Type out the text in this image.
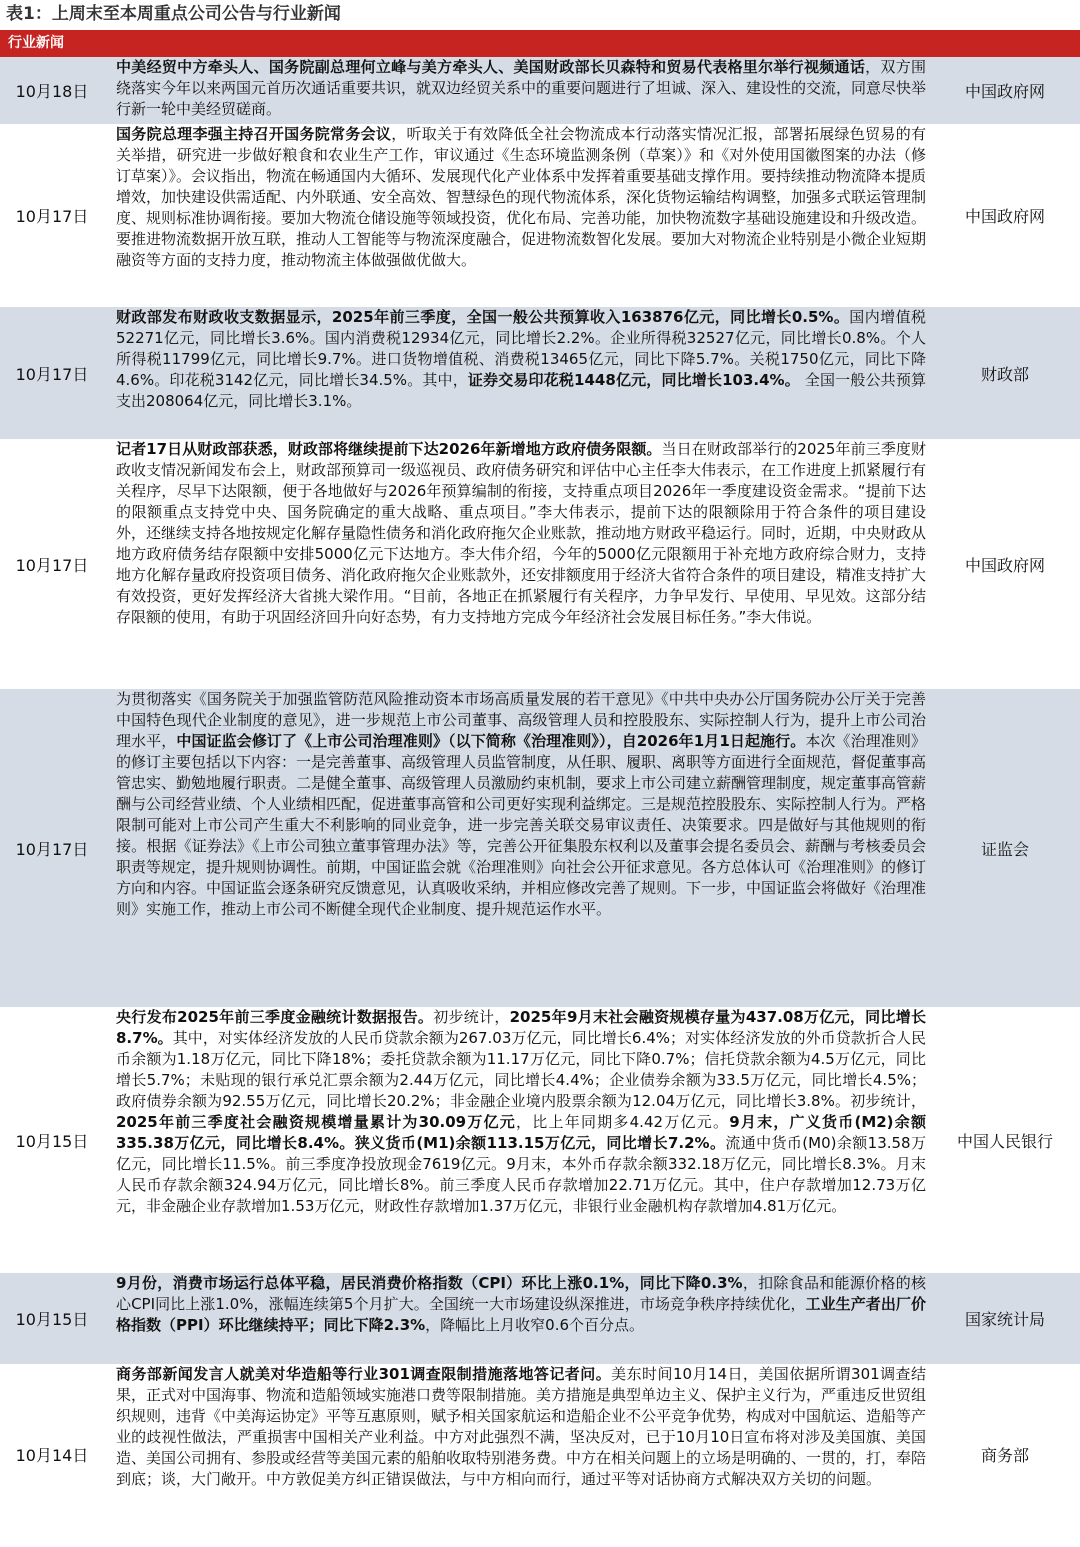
表1：上周末至本周重点公司公告与行业新闻
行业新闻
10月18日
中美经贸中方牵头人、国务院副总理何立峰与美方牵头人、美国财政部长贝森特和贸易代表格里尔举行视频通话，双方围绕落实今年以来两国元首历次通话重要共识，就双边经贸关系中的重要问题进行了坦诚、深入、建设性的交流，同意尽快举行新一轮中美经贸磋商。
中国政府网
10月17日
国务院总理李强主持召开国务院常务会议，听取关于有效降低全社会物流成本行动落实情况汇报，部署拓展绿色贸易的有关举措，研究进一步做好粮食和农业生产工作，审议通过《生态环境监测条例（草案）》和《对外使用国徽图案的办法（修订草案）》。会议指出，物流在畅通国内大循环、发展现代化产业体系中发挥着重要基础支撑作用。要持续推动物流降本提质增效，加快建设供需适配、内外联通、安全高效、智慧绿色的现代物流体系，深化货物运输结构调整，加强多式联运管理制度、规则标准协调衔接。要加大物流仓储设施等领域投资，优化布局、完善功能，加快物流数字基础设施建设和升级改造。要推进物流数据开放互联，推动人工智能等与物流深度融合，促进物流数智化发展。要加大对物流企业特别是小微企业短期融资等方面的支持力度，推动物流主体做强做优做大。
中国政府网
10月17日
财政部发布财政收支数据显示，2025年前三季度，全国一般公共预算收入163876亿元，同比增长0.5%。国内增值税52271亿元，同比增长3.6%。国内消费税12934亿元，同比增长2.2%。企业所得税32527亿元，同比增长0.8%。个人所得税11799亿元，同比增长9.7%。进口货物增值税、消费税13465亿元，同比下降5.7%。关税1750亿元，同比下降4.6%。印花税3142亿元，同比增长34.5%。其中，证券交易印花税1448亿元，同比增长103.4%。 全国一般公共预算支出208064亿元，同比增长3.1%。
财政部
10月17日
记者17日从财政部获悉，财政部将继续提前下达2026年新增地方政府债务限额。当日在财政部举行的2025年前三季度财政收支情况新闻发布会上，财政部预算司一级巡视员、政府债务研究和评估中心主任李大伟表示，在工作进度上抓紧履行有关程序，尽早下达限额，便于各地做好与2026年预算编制的衔接，支持重点项目2026年一季度建设资金需求。“提前下达的限额重点支持党中央、国务院确定的重大战略、重点项目。”李大伟表示，提前下达的限额除用于符合条件的项目建设外，还继续支持各地按规定化解存量隐性债务和消化政府拖欠企业账款，推动地方财政平稳运行。同时，近期，中央财政从地方政府债务结存限额中安排5000亿元下达地方。李大伟介绍，今年的5000亿元限额用于补充地方政府综合财力，支持地方化解存量政府投资项目债务、消化政府拖欠企业账款外，还安排额度用于经济大省符合条件的项目建设，精准支持扩大有效投资，更好发挥经济大省挑大梁作用。“目前，各地正在抓紧履行有关程序，力争早发行、早使用、早见效。这部分结存限额的使用，有助于巩固经济回升向好态势，有力支持地方完成今年经济社会发展目标任务。”李大伟说。
中国政府网
10月17日
为贯彻落实《国务院关于加强监管防范风险推动资本市场高质量发展的若干意见》《中共中央办公厅国务院办公厅关于完善中国特色现代企业制度的意见》，进一步规范上市公司董事、高级管理人员和控股股东、实际控制人行为，提升上市公司治理水平，中国证监会修订了《上市公司治理准则》（以下简称《治理准则》），自2026年1月1日起施行。本次《治理准则》的修订主要包括以下内容：一是完善董事、高级管理人员监管制度，从任职、履职、离职等方面进行全面规范，督促董事高管忠实、勤勉地履行职责。二是健全董事、高级管理人员激励约束机制，要求上市公司建立薪酬管理制度，规定董事高管薪酬与公司经营业绩、个人业绩相匹配，促进董事高管和公司更好实现利益绑定。三是规范控股股东、实际控制人行为。严格限制可能对上市公司产生重大不利影响的同业竞争，进一步完善关联交易审议责任、决策要求。四是做好与其他规则的衔接。根据《证券法》《上市公司独立董事管理办法》等，完善公开征集股东权利以及董事会提名委员会、薪酬与考核委员会职责等规定，提升规则协调性。前期，中国证监会就《治理准则》向社会公开征求意见。各方总体认可《治理准则》的修订方向和内容。中国证监会逐条研究反馈意见，认真吸收采纳，并相应修改完善了规则。下一步，中国证监会将做好《治理准则》实施工作，推动上市公司不断健全现代企业制度、提升规范运作水平。
证监会
10月15日
央行发布2025年前三季度金融统计数据报告。初步统计，2025年9月末社会融资规模存量为437.08万亿元，同比增长8.7%。其中，对实体经济发放的人民币贷款余额为267.03万亿元，同比增长6.4%；对实体经济发放的外币贷款折合人民币余额为1.18万亿元，同比下降18%；委托贷款余额为11.17万亿元，同比下降0.7%；信托贷款余额为4.5万亿元，同比增长5.7%；未贴现的银行承兑汇票余额为2.44万亿元，同比增长4.4%；企业债券余额为33.5万亿元，同比增长4.5%；政府债券余额为92.55万亿元，同比增长20.2%；非金融企业境内股票余额为12.04万亿元，同比增长3.8%。初步统计，2025年前三季度社会融资规模增量累计为30.09万亿元，比上年同期多4.42万亿元。9月末，广义货币(M2)余额335.38万亿元，同比增长8.4%。狭义货币(M1)余额113.15万亿元，同比增长7.2%。流通中货币(M0)余额13.58万亿元，同比增长11.5%。前三季度净投放现金7619亿元。9月末，本外币存款余额332.18万亿元，同比增长8.3%。月末人民币存款余额324.94万亿元，同比增长8%。前三季度人民币存款增加22.71万亿元。其中，住户存款增加12.73万亿元，非金融企业存款增加1.53万亿元，财政性存款增加1.37万亿元，非银行业金融机构存款增加4.81万亿元。
中国人民银行
10月15日
9月份，消费市场运行总体平稳，居民消费价格指数（CPI）环比上涨0.1%，同比下降0.3%，扣除食品和能源价格的核心CPI同比上涨1.0%，涨幅连续第5个月扩大。全国统一大市场建设纵深推进，市场竞争秩序持续优化，工业生产者出厂价格指数（PPI）环比继续持平；同比下降2.3%，降幅比上月收窄0.6个百分点。	国家统计局
10月14日
商务部新闻发言人就美对华造船等行业301调查限制措施落地答记者问。美东时间10月14日，美国依据所谓301调查结果，正式对中国海事、物流和造船领域实施港口费等限制措施。美方措施是典型单边主义、保护主义行为，严重违反世贸组织规则，违背《中美海运协定》平等互惠原则，赋予相关国家航运和造船企业不公平竞争优势，构成对中国航运、造船等产业的歧视性做法，严重损害中国相关产业利益。中方对此强烈不满，坚决反对，已于10月10日宣布将对涉及美国旗、美国造、美国公司拥有、参股或经营等美国元素的船舶收取特别港务费。中方在相关问题上的立场是明确的、一贯的，打，奉陪到底；谈，大门敞开。中方敦促美方纠正错误做法，与中方相向而行，通过平等对话协商方式解决双方关切的问题。
商务部
